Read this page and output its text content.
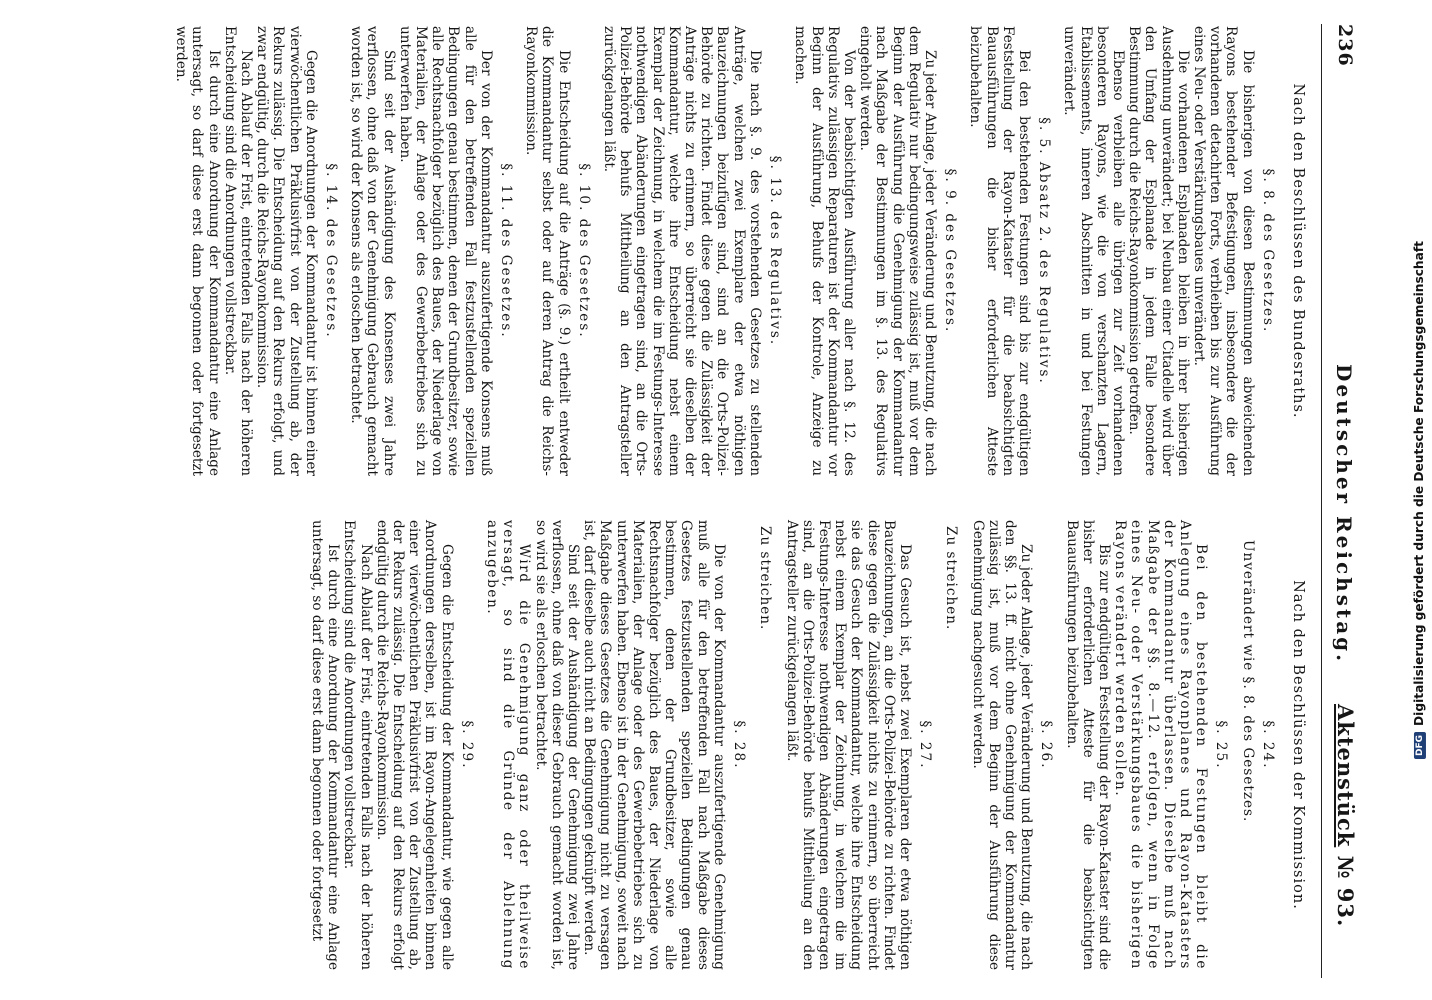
236
Deutscher Reichstag.
Aktenstück № 93.
Nach den Beschlüssen des Bundesraths.
§. 8. des Gesetzes.

Die bisherigen von diesen Bestimmungen abweichenden Rayons bestehender Befestigungen, insbesondere die der vorhandenen detachirten Forts, verbleiben bis zur Ausführung eines Neu- oder Verstärkungsbaues unverändert.

Die vorhandenen Esplanaden bleiben in ihrer bisherigen Ausdehnung unverändert; bei Neubau einer Citadelle wird über den Umfang der Esplanade in jedem Falle besondere Bestimmung durch die Reichs-Rayonkommission getroffen.

Ebenso verbleiben alle übrigen zur Zeit vorhandenen besonderen Rayons, wie die von verschanzten Lagern, Etablissements, inneren Abschnitten in und bei Festungen unverändert.

§. 5. Absatz 2. des Regulativs.

Bei den bestehenden Festungen sind bis zur endgültigen Feststellung der Rayon-Kataster für die beabsichtigten Bauausführungen die bisher erforderlichen Atteste beizubehalten.

§. 9. des Gesetzes.

Zu jeder Anlage, jeder Veränderung und Benutzung, die nach dem Regulativ nur bedingungsweise zulässig ist, muß vor dem Beginn der Ausführung die Genehmigung der Kommandantur nach Maßgabe der Bestimmungen im §. 13. des Regulativs eingeholt werden.

Von der beabsichtigten Ausführung aller nach §. 12. des Regulativs zulässigen Reparaturen ist der Kommandantur vor Beginn der Ausführung, Behufs der Kontrole, Anzeige zu machen.

§. 13. des Regulativs.

Die nach §. 9. des vorstehenden Gesetzes zu stellenden Anträge, welchen zwei Exemplare der etwa nöthigen Bauzeichnungen beizufügen sind, sind an die Orts-Polizei-Behörde zu richten. Findet diese gegen die Zulässigkeit der Anträge nichts zu erinnern, so überreicht sie dieselben der Kommandantur, welche ihre Entscheidung nebst einem Exemplar der Zeichnung, in welchem die im Festungs-Interesse nothwendigen Abänderungen eingetragen sind, an die Orts-Polizei-Behörde behufs Mittheilung an den Antragsteller zurückgelangen läßt.

§. 10. des Gesetzes.

Die Entscheidung auf die Anträge (§. 9.) ertheilt entweder die Kommandantur selbst oder auf deren Antrag die Reichs-Rayonkommission.

§. 11. des Gesetzes.

Der von der Kommandantur auszufertigende Konsens muß alle für den betreffenden Fall festzustellenden speziellen Bedingungen genau bestimmen, denen der Grundbesitzer, sowie alle Rechtsnachfolger bezüglich des Baues, der Niederlage von Materialien, der Anlage oder des Gewerbebetriebes sich zu unterwerfen haben.

Sind seit der Aushändigung des Konsenses zwei Jahre verflossen, ohne daß von der Genehmigung Gebrauch gemacht worden ist, so wird der Konsens als erloschen betrachtet.

§. 14. des Gesetzes.

Gegen die Anordnungen der Kommandantur ist binnen einer vierwöchentlichen Präklusivfrist von der Zustellung ab, der Rekurs zulässig. Die Entscheidung auf den Rekurs erfolgt, und zwar endgültig, durch die Reichs-Rayonkommission.

Nach Ablauf der Frist, eintretenden Falls nach der höheren Entscheidung sind die Anordnungen vollstreckbar.

Ist durch eine Anordnung der Kommandantur eine Anlage untersagt, so darf diese erst dann begonnen oder fortgesetzt werden.

Nach den Beschlüssen der Kommission.
§. 24.
Unverändert wie §. 8. des Gesetzes.
§. 25.

Bei den bestehenden Festungen bleibt die Anlegung eines Rayonplanes und Rayon-Katasters der Kommandantur überlassen. Dieselbe muß nach Maßgabe der §§. 8.—12. erfolgen, wenn in Folge eines Neu- oder Verstärkungsbaues die bisherigen Rayons verändert werden sollen.

Bis zur endgültigen Feststellung der Rayon-Kataster sind die bisher erforderlichen Atteste für die beabsichtigten Bauausführungen beizubehalten.

§. 26.

Zu jeder Anlage, jeder Veränderung und Benutzung, die nach den §§. 13. ff. nicht ohne Genehmigung der Kommandantur zulässig ist, muß vor dem Beginn der Ausführung diese Genehmigung nachgesucht werden.

Zu streichen.
§. 27.

Das Gesuch ist, nebst zwei Exemplaren der etwa nöthigen Bauzeichnungen, an die Orts-Polizei-Behörde zu richten. Findet diese gegen die Zulässigkeit nichts zu erinnern, so überreicht sie das Gesuch der Kommandantur, welche ihre Entscheidung nebst einem Exemplar der Zeichnung, in welchem die im Festungs-Interesse nothwendigen Abänderungen eingetragen sind, an die Orts-Polizei-Behörde behufs Mittheilung an den Antragsteller zurückgelangen läßt.

Zu streichen.
§. 28.

Die von der Kommandantur auszufertigende Genehmigung muß alle für den betreffenden Fall nach Maßgabe dieses Gesetzes festzustellenden speziellen Bedingungen genau bestimmen, denen der Grundbesitzer, sowie alle Rechtsnachfolger bezüglich des Baues, der Niederlage von Materialien, der Anlage oder des Gewerbebetriebes sich zu unterwerfen haben. Ebenso ist in der Genehmigung, soweit nach Maßgabe dieses Gesetzes die Genehmigung nicht zu versagen ist, darf dieselbe auch nicht an Bedingungen geknüpft werden.

Sind seit der Aushändigung der Genehmigung zwei Jahre verflossen, ohne daß von dieser Gebrauch gemacht worden ist, so wird sie als erloschen betrachtet.

Wird die Genehmigung ganz oder theilweise versagt, so sind die Gründe der Ablehnung anzugeben.

§. 29.

Gegen die Entscheidung der Kommandantur, wie gegen alle Anordnungen derselben, ist im Rayon-Angelegenheiten binnen einer vierwöchentlichen Präklusivfrist von der Zustellung ab, der Rekurs zulässig. Die Entscheidung auf den Rekurs erfolgt endgültig durch die Reichs-Rayonkommission.

Nach Ablauf der Frist, eintretenden Falls nach der höheren Entscheidung sind die Anordnungen vollstreckbar.

Ist durch eine Anordnung der Kommandantur eine Anlage untersagt, so darf diese erst dann begonnen oder fortgesetzt	DFGDigitalisierung gefördert durch die Deutsche Forschungsgemeinschaft
